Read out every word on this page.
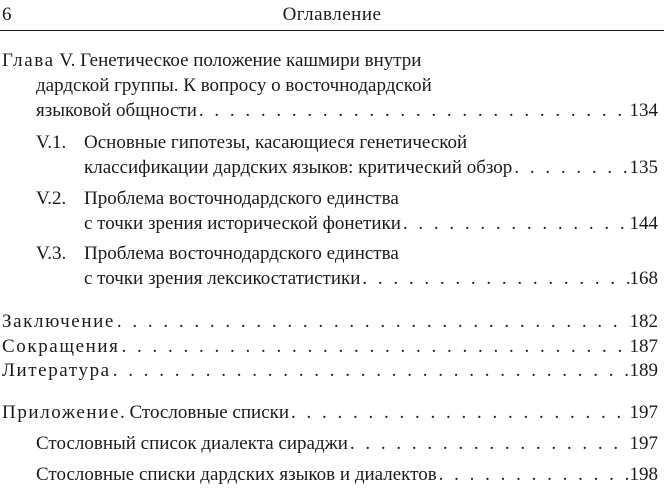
6	Оглавление
Глава V. Генетическое положение кашмири внутри
дардской группы. К вопросу о восточнодардской
языковой общности . . .	134
V.1. Основные гипотезы, касающиеся генетической
классификации дардских языков: критический обзор . . .	135
V.2. Проблема восточнодардского единства
с точки зрения исторической фонетики . . .	144
V.3. Проблема восточнодардского единства
с точки зрения лексикостатистики . . .	168
Заключение . . .	182
Сокращения . . .	187
Литература . . .	189
Приложение. Стословные списки . . .	197
Стословный список диалекта сираджи . . .	197
Стословные списки дардских языков и диалектов . . .	198
